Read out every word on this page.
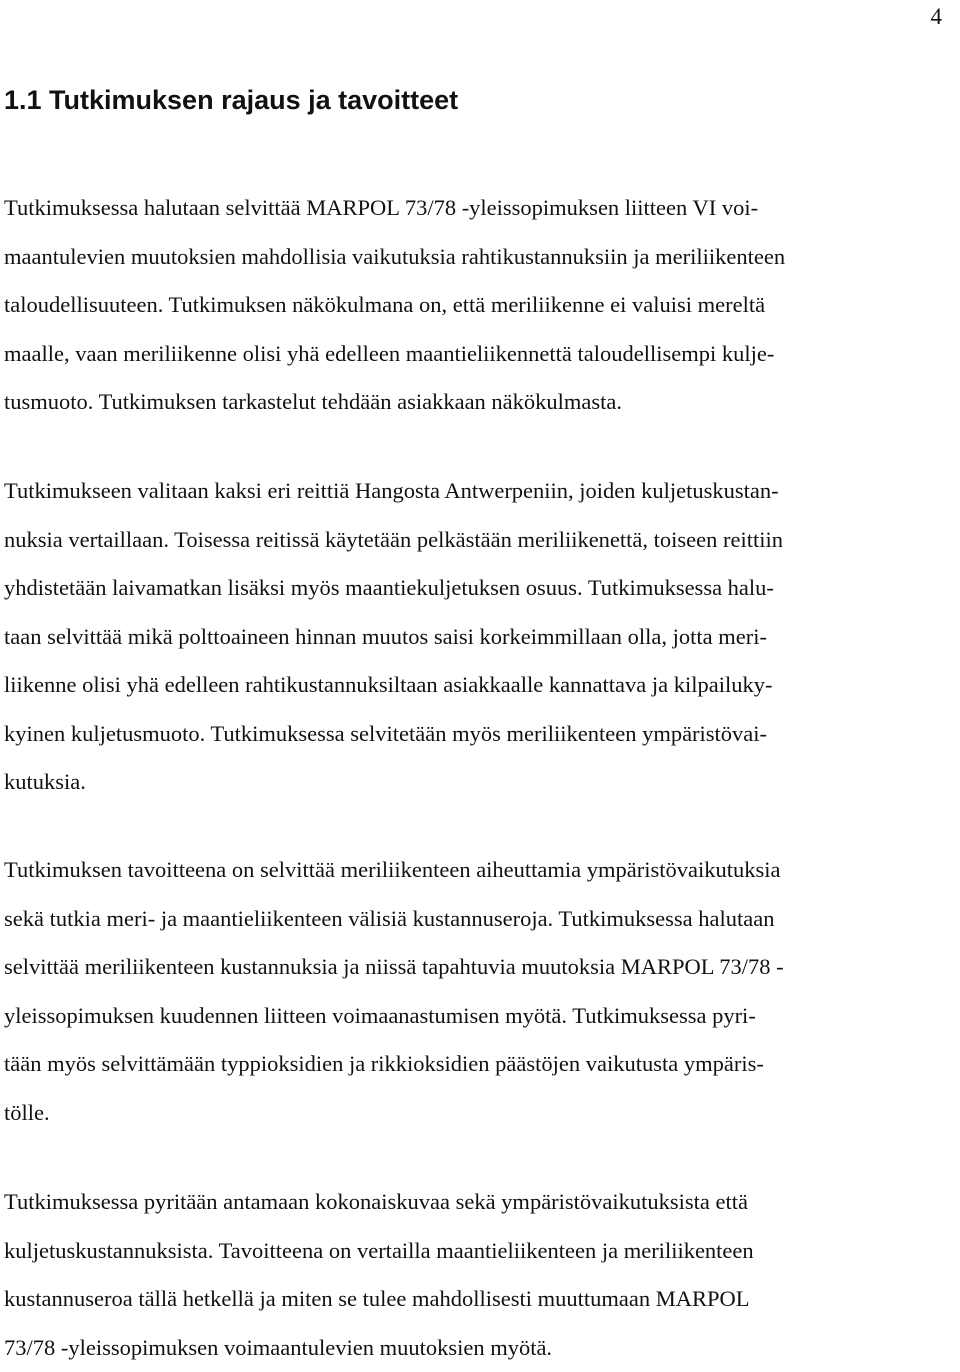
4
1.1 Tutkimuksen rajaus ja tavoitteet
Tutkimuksessa halutaan selvittää MARPOL 73/78 -yleissopimuksen liitteen VI voi-
maantulevien muutoksien mahdollisia vaikutuksia rahtikustannuksiin ja meriliikenteen
taloudellisuuteen. Tutkimuksen näkökulmana on, että meriliikenne ei valuisi mereltä
maalle, vaan meriliikenne olisi yhä edelleen maantieliikennettä taloudellisempi kulje-
tusmuoto. Tutkimuksen tarkastelut tehdään asiakkaan näkökulmasta.
Tutkimukseen valitaan kaksi eri reittiä Hangosta Antwerpeniin, joiden kuljetuskustan-
nuksia vertaillaan. Toisessa reitissä käytetään pelkästään meriliikenettä, toiseen reittiin
yhdistetään laivamatkan lisäksi myös maantiekuljetuksen osuus. Tutkimuksessa halu-
taan selvittää mikä polttoaineen hinnan muutos saisi korkeimmillaan olla, jotta meri-
liikenne olisi yhä edelleen rahtikustannuksiltaan asiakkaalle kannattava ja kilpailuky-
kyinen kuljetusmuoto. Tutkimuksessa selvitetään myös meriliikenteen ympäristövai-
kutuksia.
Tutkimuksen tavoitteena on selvittää meriliikenteen aiheuttamia ympäristövaikutuksia
sekä tutkia meri- ja maantieliikenteen välisiä kustannuseroja. Tutkimuksessa halutaan
selvittää meriliikenteen kustannuksia ja niissä tapahtuvia muutoksia MARPOL 73/78 -
yleissopimuksen kuudennen liitteen voimaanastumisen myötä. Tutkimuksessa pyri-
tään myös selvittämään typpioksidien ja rikkioksidien päästöjen vaikutusta ympäris-
tölle.
Tutkimuksessa pyritään antamaan kokonaiskuvaa sekä ympäristövaikutuksista että
kuljetuskustannuksista. Tavoitteena on vertailla maantieliikenteen ja meriliikenteen
kustannuseroa tällä hetkellä ja miten se tulee mahdollisesti muuttumaan MARPOL
73/78 -yleissopimuksen voimaantulevien muutoksien myötä.
